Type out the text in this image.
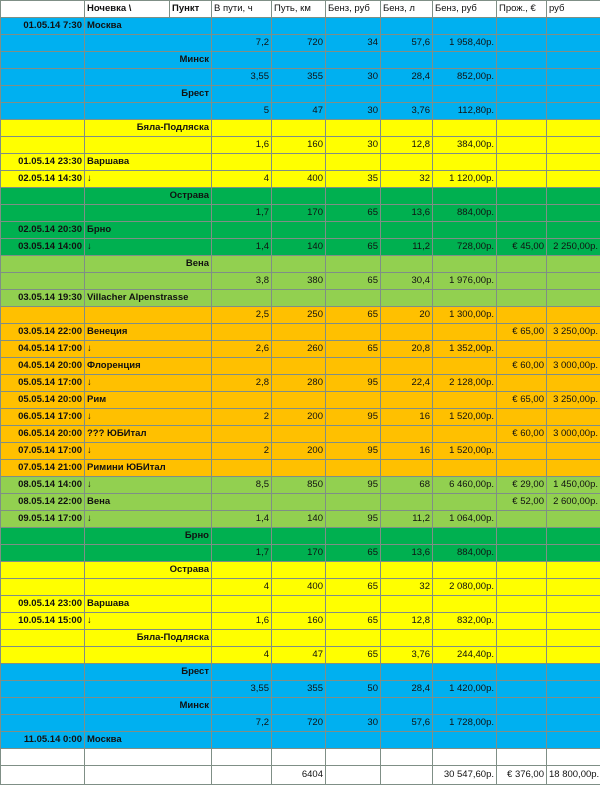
	Ночевка \	Пункт	В пути, ч	Путь, км	Бенз, руб	Бенз, л	Бенз, руб	Прож., €	руб
01.05.14 7:30	Москва								
			7,2	720	34	57,6	1 958,40р.		

	Минск								

			3,55	355	30	28,4	852,00р.		

	Брест								

			5	47	30	3,76	112,80р.		

	Бяла-Подляска								

			1,6	160	30	12,8	384,00р.		
01.05.14 23:30	Варшава								
02.05.14 14:30	↓		4	400	35	32	1 120,00р.		

	Острава								

			1,7	170	65	13,6	884,00р.		
02.05.14 20:30	Брно								
03.05.14 14:00	↓		1,4	140	65	11,2	728,00р.	€ 45,00	2 250,00р.

	Вена								

			3,8	380	65	30,4	1 976,00р.		
03.05.14 19:30	Villacher Alpenstrasse								
			2,5	250	65	20	1 300,00р.		
03.05.14 22:00	Венеция							€ 65,00	3 250,00р.
04.05.14 17:00	↓		2,6	260	65	20,8	1 352,00р.		
04.05.14 20:00	Флоренция							€ 60,00	3 000,00р.
05.05.14 17:00	↓		2,8	280	95	22,4	2 128,00р.		
05.05.14 20:00	Рим							€ 65,00	3 250,00р.
06.05.14 17:00	↓		2	200	95	16	1 520,00р.		
06.05.14 20:00	??? ЮБИтал							€ 60,00	3 000,00р.
07.05.14 17:00	↓		2	200	95	16	1 520,00р.		
07.05.14 21:00	Римини ЮБИтал								
08.05.14 14:00	↓		8,5	850	95	68	6 460,00р.	€ 29,00	1 450,00р.
08.05.14 22:00	Вена							€ 52,00	2 600,00р.
09.05.14 17:00	↓		1,4	140	95	11,2	1 064,00р.		

	Брно								

			1,7	170	65	13,6	884,00р.		

	Острава								

			4	400	65	32	2 080,00р.		
09.05.14 23:00	Варшава								
10.05.14 15:00	↓		1,6	160	65	12,8	832,00р.		

	Бяла-Подляска								

			4	47	65	3,76	244,40р.		

	Брест								

			3,55	355	50	28,4	1 420,00р.		

	Минск								

			7,2	720	30	57,6	1 728,00р.		
11.05.14 0:00	Москва								

				6404			30 547,60р.	€ 376,00	18 800,00р.
